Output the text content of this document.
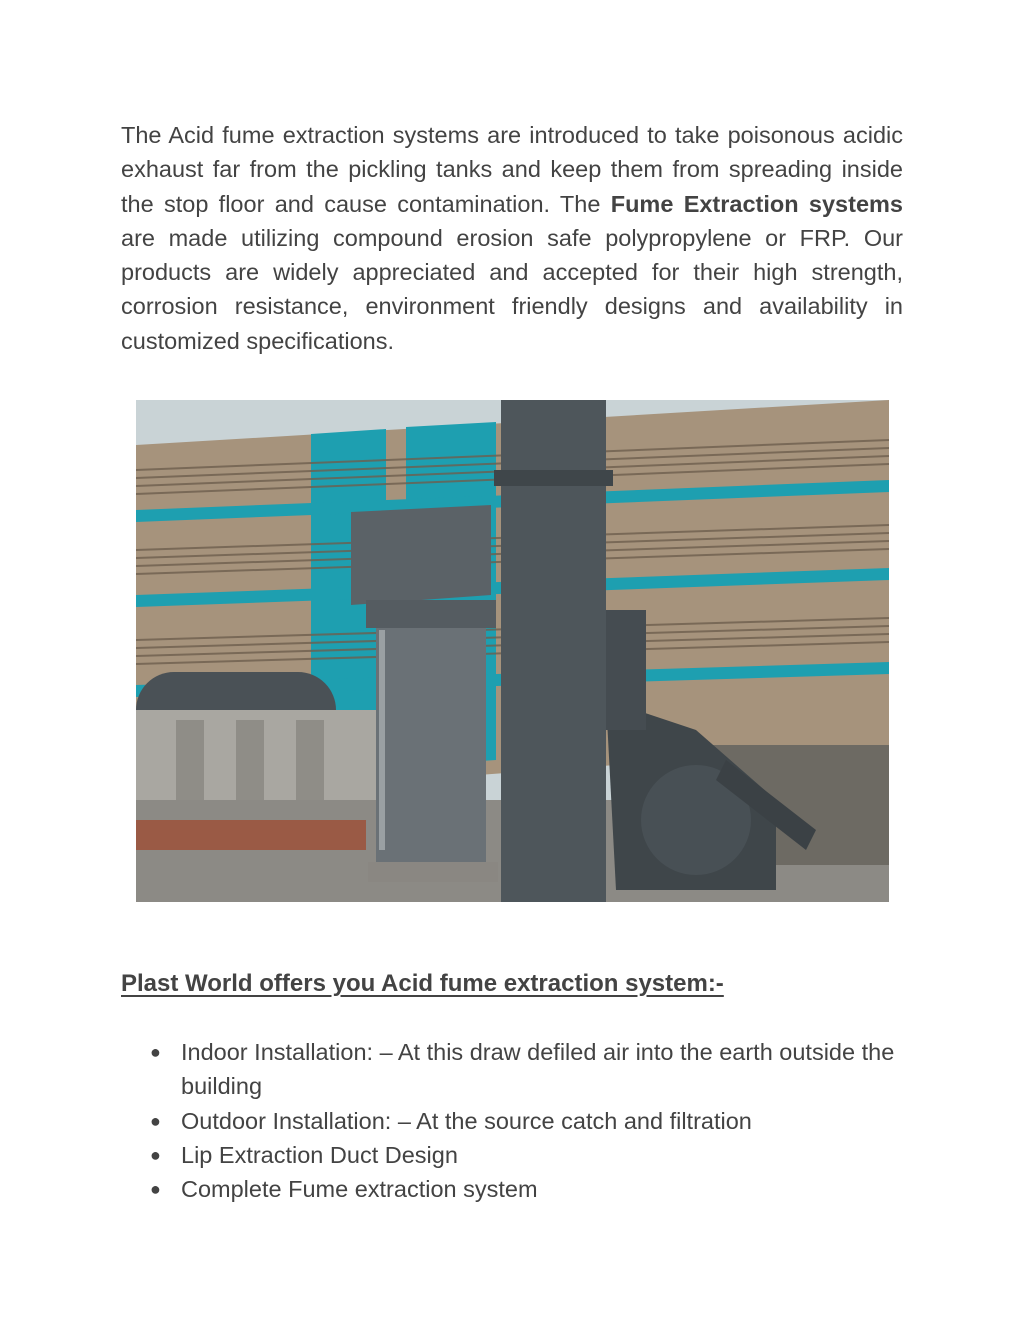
The Acid fume extraction systems are introduced to take poisonous acidic exhaust far from the pickling tanks and keep them from spreading inside the stop floor and cause contamination. The Fume Extraction systems are made utilizing compound erosion safe polypropylene or FRP. Our products are widely appreciated and accepted for their high strength, corrosion resistance, environment friendly designs and availability in customized specifications.

Plast World offers you Acid fume extraction system:-
● Indoor Installation: – At this draw defiled air into the earth outside the building
● Outdoor Installation: – At the source catch and filtration
● Lip Extraction Duct Design
● Complete Fume extraction system
